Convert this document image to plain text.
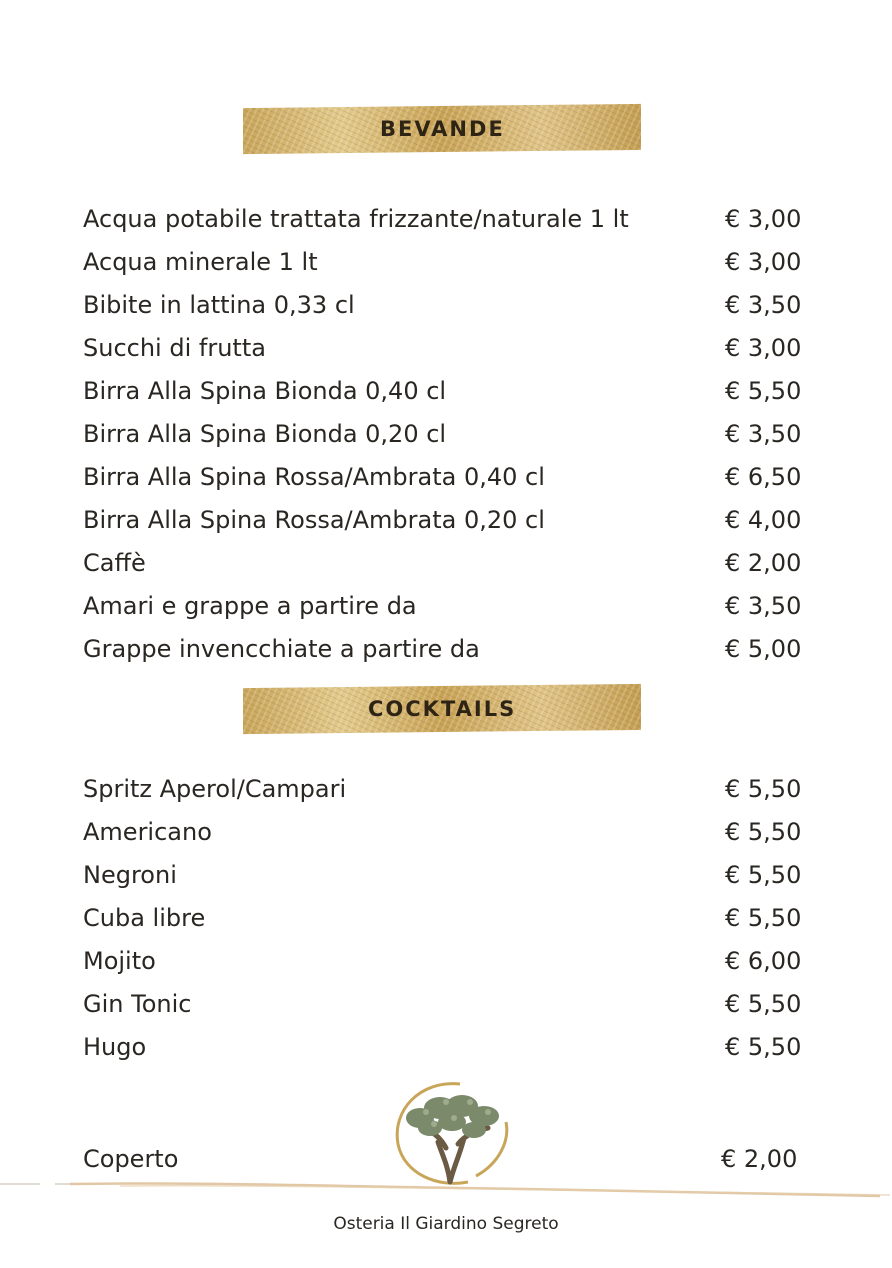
BEVANDE
Acqua potabile trattata frizzante/naturale 1 lt	€ 3,00
Acqua minerale 1 lt	€ 3,00
Bibite in lattina 0,33 cl	€ 3,50
Succhi di frutta	€ 3,00
Birra Alla Spina Bionda 0,40 cl	€ 5,50
Birra Alla Spina Bionda 0,20 cl	€ 3,50
Birra Alla Spina Rossa/Ambrata 0,40 cl	€ 6,50
Birra Alla Spina Rossa/Ambrata 0,20 cl	€ 4,00
Caffè	€ 2,00
Amari e grappe a partire da	€ 3,50
Grappe invencchiate a partire da	€ 5,00
COCKTAILS
Spritz Aperol/Campari	€ 5,50
Americano	€ 5,50
Negroni	€ 5,50
Cuba libre	€ 5,50
Mojito	€ 6,00
Gin Tonic	€ 5,50
Hugo	€ 5,50
Coperto	€ 2,00
Osteria Il Giardino Segreto
